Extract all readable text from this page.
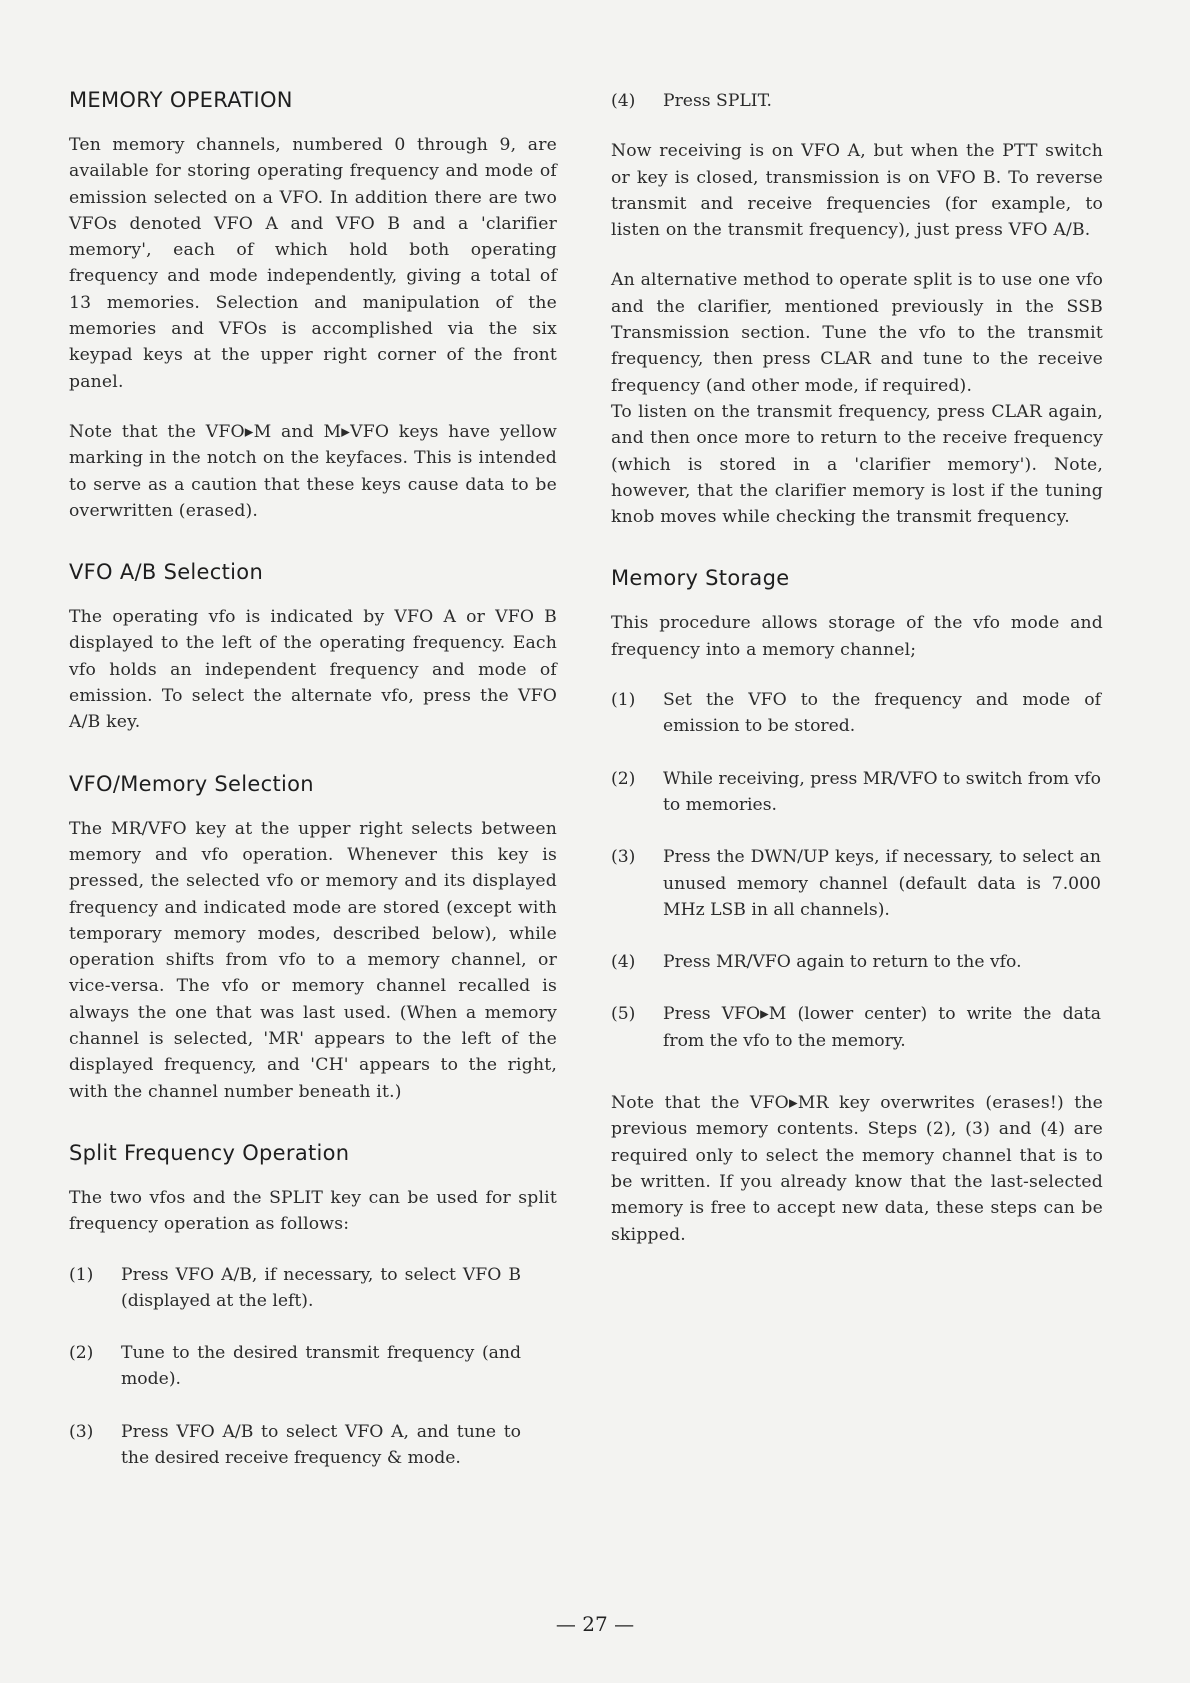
MEMORY OPERATION

Ten memory channels, numbered 0 through 9, are available for storing operating frequency and mode of emission selected on a VFO. In addition there are two VFOs denoted VFO A and VFO B and a 'clarifier memory', each of which hold both operating frequency and mode independently, giving a total of 13 memories. Selection and manipulation of the memories and VFOs is accomplished via the six keypad keys at the upper right corner of the front panel.

Note that the VFO▸M and M▸VFO keys have yellow marking in the notch on the keyfaces. This is intended to serve as a caution that these keys cause data to be overwritten (erased).

VFO A/B Selection

The operating vfo is indicated by VFO A or VFO B displayed to the left of the operating frequency. Each vfo holds an independent frequency and mode of emission. To select the alternate vfo, press the VFO A/B key.

VFO/Memory Selection

The MR/VFO key at the upper right selects between memory and vfo operation. Whenever this key is pressed, the selected vfo or memory and its displayed frequency and indicated mode are stored (except with temporary memory modes, described below), while operation shifts from vfo to a memory channel, or vice-versa. The vfo or memory channel recalled is always the one that was last used. (When a memory channel is selected, 'MR' appears to the left of the displayed frequency, and 'CH' appears to the right, with the channel number beneath it.)

Split Frequency Operation

The two vfos and the SPLIT key can be used for split frequency operation as follows:

(1)	Press VFO A/B, if necessary, to select VFO B (displayed at the left).
(2)	Tune to the desired transmit frequency (and mode).
(3)	Press VFO A/B to select VFO A, and tune to the desired receive frequency & mode.
(4)	Press SPLIT.

Now receiving is on VFO A, but when the PTT switch or key is closed, transmission is on VFO B. To reverse transmit and receive frequencies (for example, to listen on the transmit frequency), just press VFO A/B.

An alternative method to operate split is to use one vfo and the clarifier, mentioned previously in the SSB Transmission section. Tune the vfo to the transmit frequency, then press CLAR and tune to the receive frequency (and other mode, if required).

To listen on the transmit frequency, press CLAR again, and then once more to return to the receive frequency (which is stored in a 'clarifier memory'). Note, however, that the clarifier memory is lost if the tuning knob moves while checking the transmit frequency.

Memory Storage

This procedure allows storage of the vfo mode and frequency into a memory channel;

(1)	Set the VFO to the frequency and mode of emission to be stored.
(2)	While receiving, press MR/VFO to switch from vfo to memories.
(3)	Press the DWN/UP keys, if necessary, to select an unused memory channel (default data is 7.000 MHz LSB in all channels).
(4)	Press MR/VFO again to return to the vfo.
(5)	Press VFO▸M (lower center) to write the data from the vfo to the memory.

Note that the VFO▸MR key overwrites (erases!) the previous memory contents. Steps (2), (3) and (4) are required only to select the memory channel that is to be written. If you already know that the last-selected memory is free to accept new data, these steps can be skipped.

— 27 —
